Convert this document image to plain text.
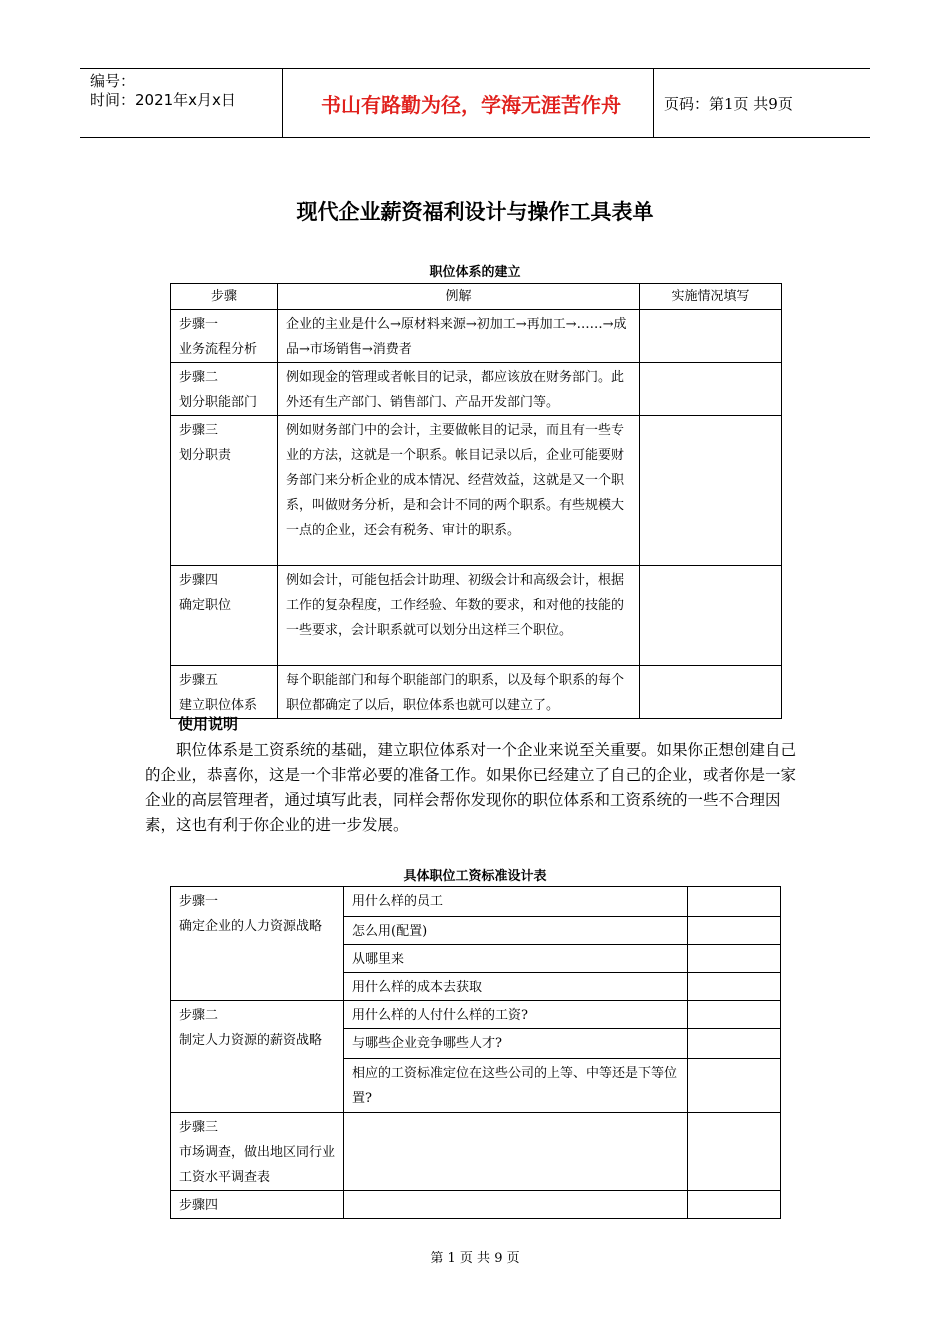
编号：
时间：2021年x月x日	书山有路勤为径，学海无涯苦作舟	页码：第1页 共9页
现代企业薪资福利设计与操作工具表单
职位体系的建立
步骤	例解	实施情况填写

步骤一
业务流程分析	企业的主业是什么→原材料来源→初加工→再加工→……→成品→市场销售→消费者	

步骤二
划分职能部门	例如现金的管理或者帐目的记录，都应该放在财务部门。此外还有生产部门、销售部门、产品开发部门等。	

步骤三
划分职责	例如财务部门中的会计，主要做帐目的记录，而且有一些专业的方法，这就是一个职系。帐目记录以后，企业可能要财务部门来分析企业的成本情况、经营效益，这就是又一个职系，叫做财务分析，是和会计不同的两个职系。有些规模大一点的企业，还会有税务、审计的职系。	

步骤四
确定职位	例如会计，可能包括会计助理、初级会计和高级会计，根据工作的复杂程度，工作经验、年数的要求，和对他的技能的一些要求，会计职系就可以划分出这样三个职位。	

步骤五
建立职位体系	每个职能部门和每个职能部门的职系，以及每个职系的每个职位都确定了以后，职位体系也就可以建立了。	
使用说明
职位体系是工资系统的基础，建立职位体系对一个企业来说至关重要。如果你正想创建自己的企业，恭喜你，这是一个非常必要的准备工作。如果你已经建立了自己的企业，或者你是一家企业的高层管理者，通过填写此表，同样会帮你发现你的职位体系和工资系统的一些不合理因素，这也有利于你企业的进一步发展。
具体职位工资标准设计表
步骤一
确定企业的人力资源战略	用什么样的员工	
	怎么用(配置)	
	从哪里来	
	用什么样的成本去获取	

步骤二
制定人力资源的薪资战略	用什么样的人付什么样的工资?	
	与哪些企业竞争哪些人才?	
	相应的工资标准定位在这些公司的上等、中等还是下等位置?	

步骤三
市场调查，做出地区同行业工资水平调查表		

步骤四		

第 1 页 共 9 页
